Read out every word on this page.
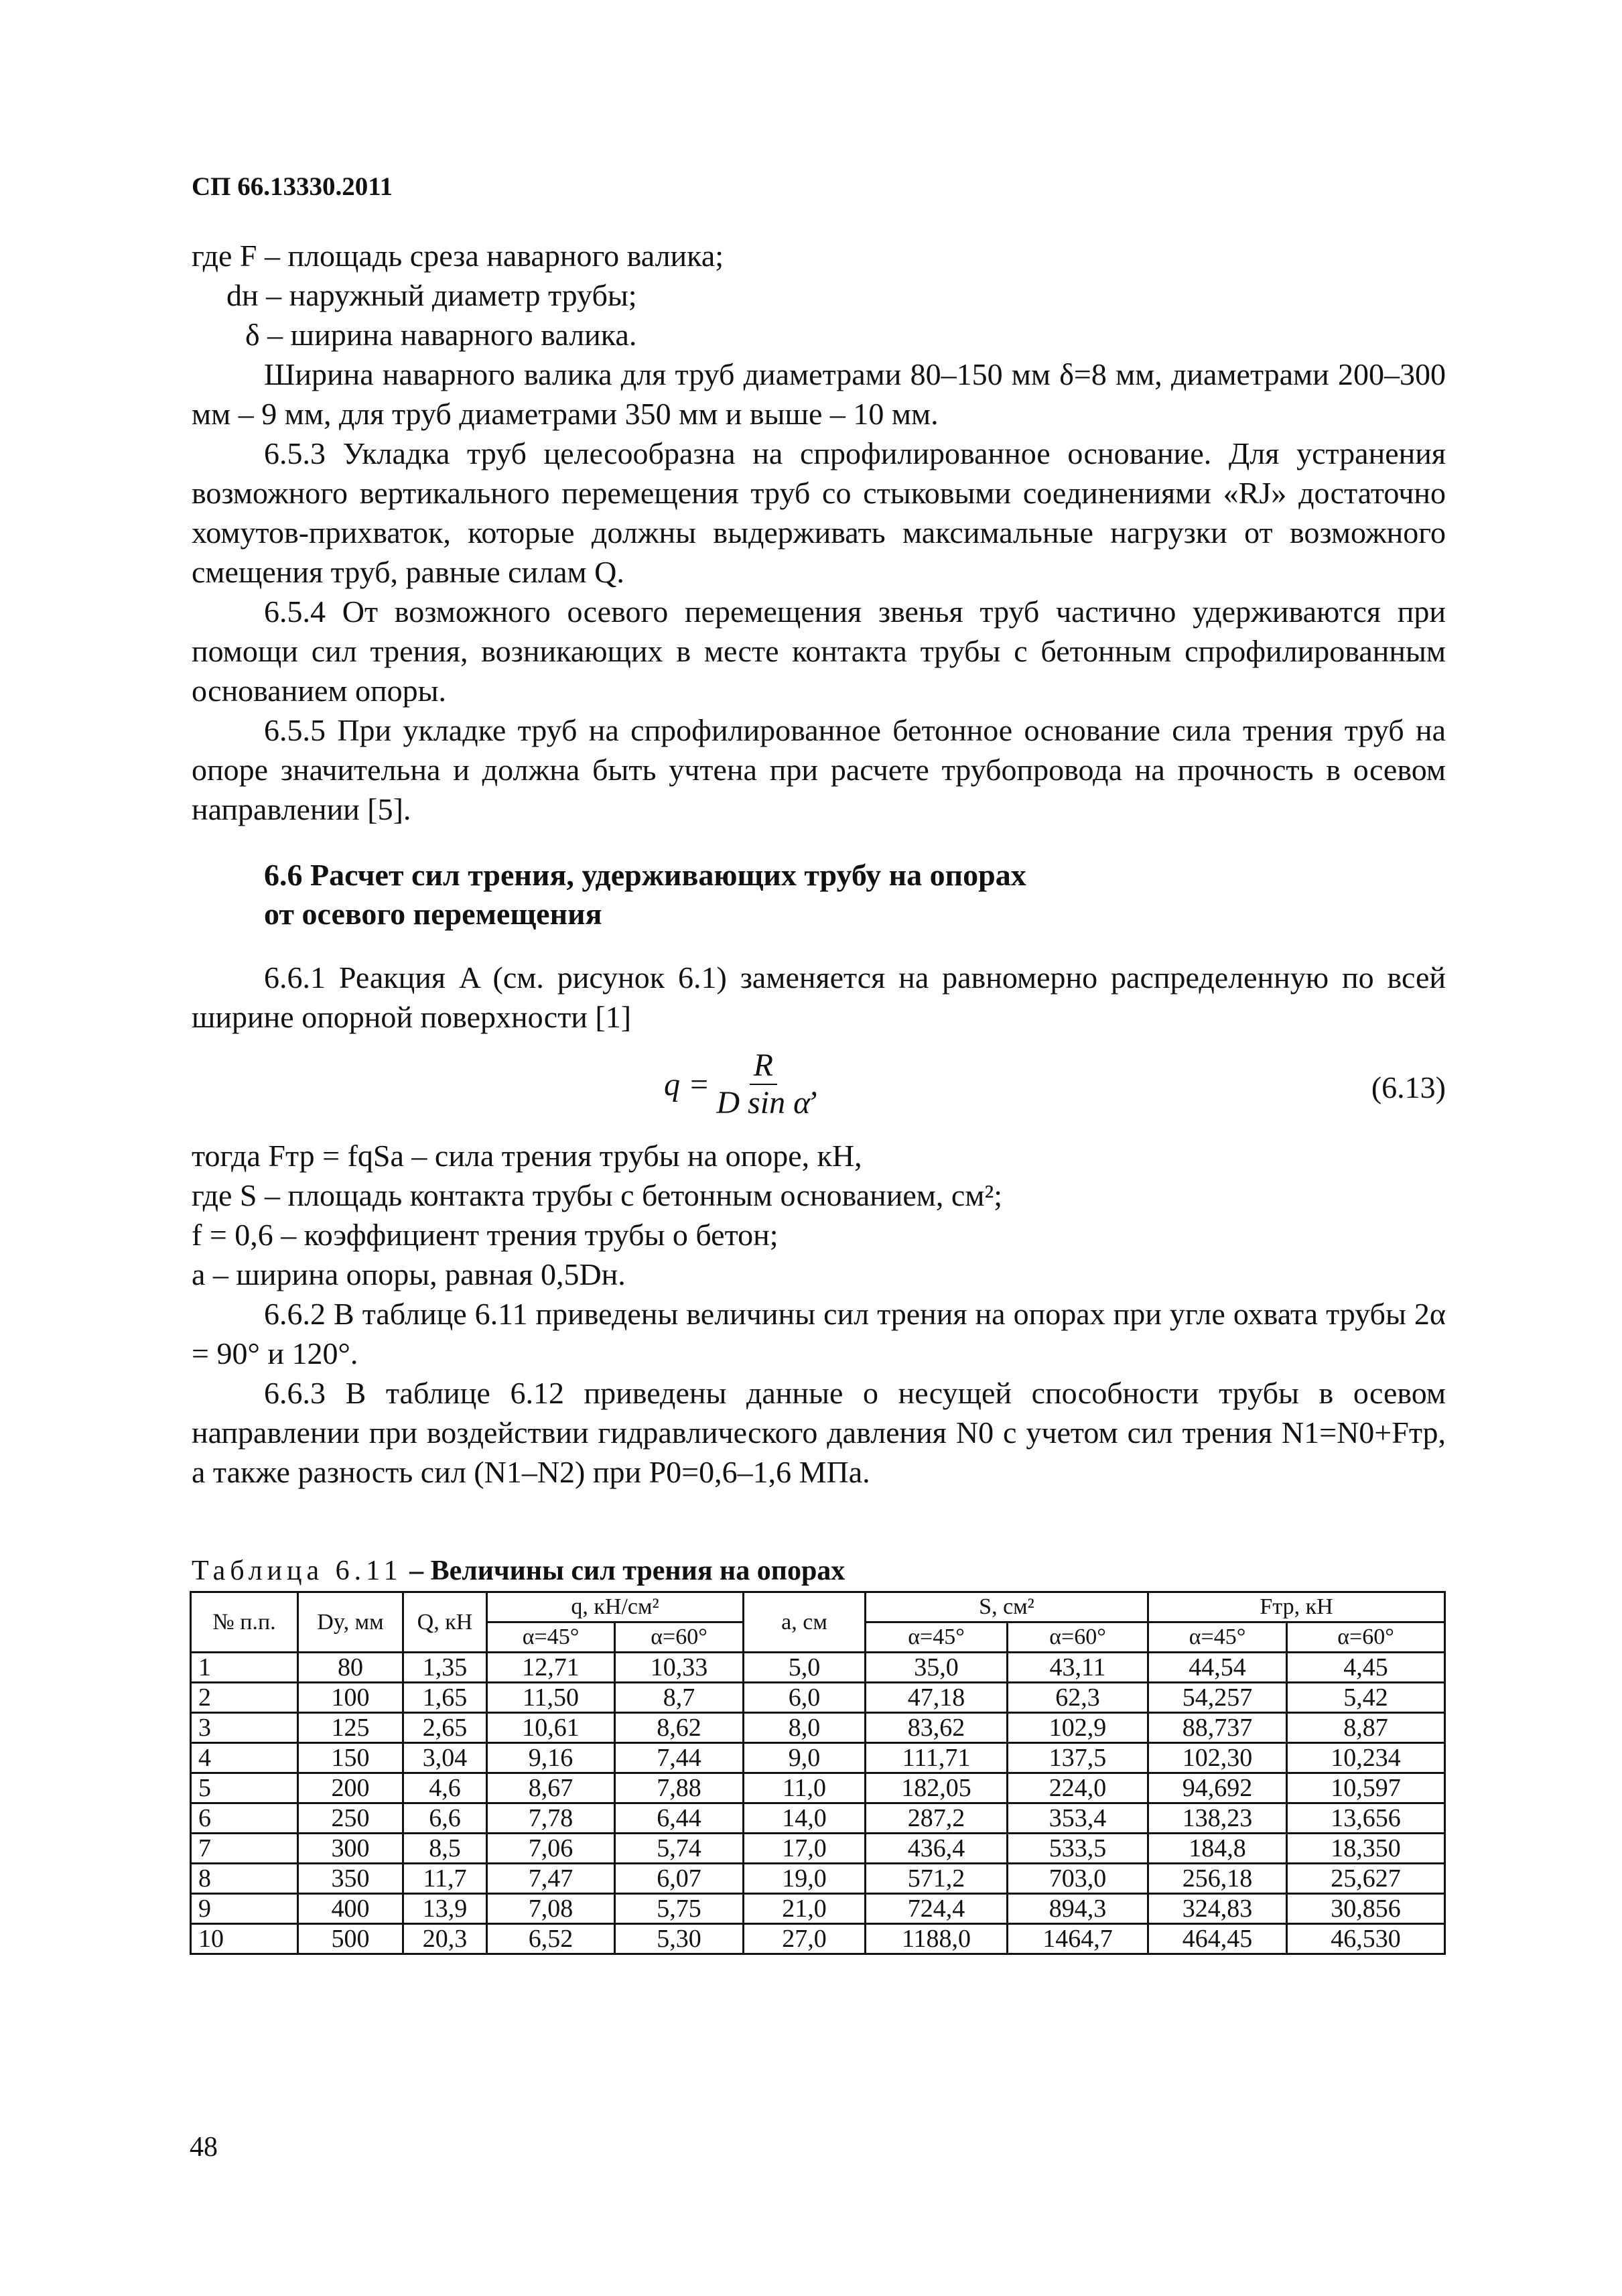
СП 66.13330.2011

где F – площадь среза наварного валика;

dн – наружный диаметр трубы;

δ – ширина наварного валика.

Ширина наварного валика для труб диаметрами 80–150 мм δ=8 мм, диаметрами 200–300 мм – 9 мм, для труб диаметрами 350 мм и выше – 10 мм.

6.5.3 Укладка труб целесообразна на спрофилированное основание. Для устранения возможного вертикального перемещения труб со стыковыми соединениями «RJ» достаточно хомутов-прихваток, которые должны выдерживать максимальные нагрузки от возможного смещения труб, равные силам Q.

6.5.4 От возможного осевого перемещения звенья труб частично удерживаются при помощи сил трения, возникающих в месте контакта трубы с бетонным спрофилированным основанием опоры.

6.5.5 При укладке труб на спрофилированное бетонное основание сила трения труб на опоре значительна и должна быть учтена при расчете трубопровода на прочность в осевом направлении [5].

6.6 Расчет сил трения, удерживающих трубу на опорах
от осевого перемещения

6.6.1 Реакция A (см. рисунок 6.1) заменяется на равномерно распределенную по всей ширине опорной поверхности [1]

$q = \frac{R}{\text{D sin α}}$ ,	(6.13)

тогда Fтр = fqSa – сила трения трубы на опоре, кН,

где S – площадь контакта трубы с бетонным основанием, см²;

f = 0,6 – коэффициент трения трубы о бетон;

a – ширина опоры, равная 0,5Dн.

6.6.2 В таблице 6.11 приведены величины сил трения на опорах при угле охвата трубы 2α = 90° и 120°.

6.6.3 В таблице 6.12 приведены данные о несущей способности трубы в осевом направлении при воздействии гидравлического давления N0 с учетом сил трения N1=N0+Fтр, а также разность сил (N1–N2) при P0=0,6–1,6 МПа.

Таблица 6.11 – Величины сил трения на опорах
№ п.п.	Dy, мм	Q, кН	q, кН/см²		a, см	S, см²		Fтр, кН	
			α=45°	α=60°		α=45°	α=60°	α=45°	α=60°
1	80	1,35	12,71	10,33	5,0	35,0	43,11	44,54	4,45
2	100	1,65	11,50	8,7	6,0	47,18	62,3	54,257	5,42
3	125	2,65	10,61	8,62	8,0	83,62	102,9	88,737	8,87
4	150	3,04	9,16	7,44	9,0	111,71	137,5	102,30	10,234
5	200	4,6	8,67	7,88	11,0	182,05	224,0	94,692	10,597
6	250	6,6	7,78	6,44	14,0	287,2	353,4	138,23	13,656
7	300	8,5	7,06	5,74	17,0	436,4	533,5	184,8	18,350
8	350	11,7	7,47	6,07	19,0	571,2	703,0	256,18	25,627
9	400	13,9	7,08	5,75	21,0	724,4	894,3	324,83	30,856
10	500	20,3	6,52	5,30	27,0	1188,0	1464,7	464,45	46,530
48
